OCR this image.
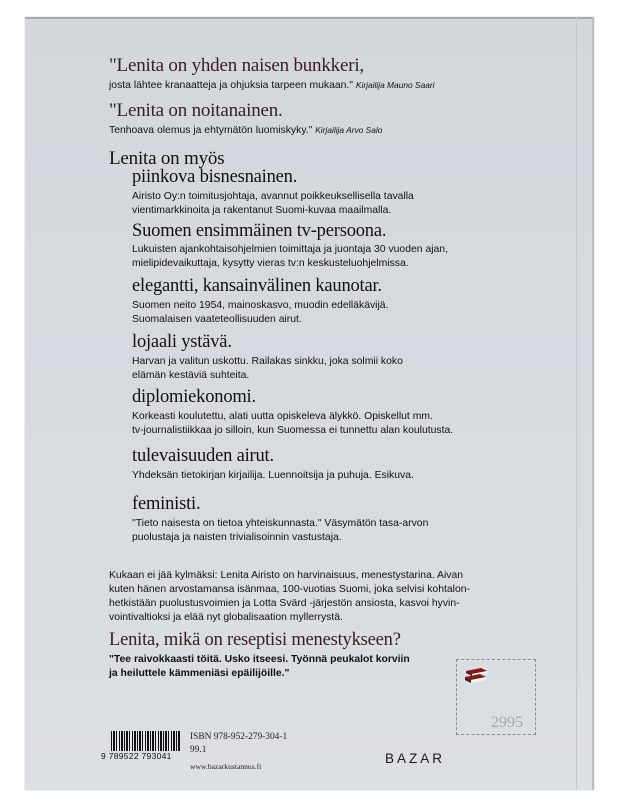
"Lenita on yhden naisen bunkkeri,
josta lähtee kranaatteja ja ohjuksia tarpeen mukaan." Kirjailija Mauno Saari
"Lenita on noitanainen.
Tenhoava olemus ja ehtymätön luomiskyky." Kirjailija Arvo Salo
Lenita on myös
piinkova bisnesnainen.
Airisto Oy:n toimitusjohtaja, avannut poikkeuksellisella tavalla
vientimarkkinoita ja rakentanut Suomi-kuvaa maailmalla.
Suomen ensimmäinen tv-persoona.
Lukuisten ajankohtaisohjelmien toimittaja ja juontaja 30 vuoden ajan,
mielipidevaikuttaja, kysytty vieras tv:n keskusteluohjelmissa.
elegantti, kansainvälinen kaunotar.
Suomen neito 1954, mainoskasvo, muodin edelläkävijä.
Suomalaisen vaateteollisuuden airut.
lojaali ystävä.
Harvan ja valitun uskottu. Railakas sinkku, joka solmii koko
elämän kestäviä suhteita.
diplomiekonomi.
Korkeasti koulutettu, alati uutta opiskeleva älykkö. Opiskellut mm.
tv-journalistiikkaa jo silloin, kun Suomessa ei tunnettu alan koulutusta.
tulevaisuuden airut.
Yhdeksän tietokirjan kirjailija. Luennoitsija ja puhuja. Esikuva.
feministi.
"Tieto naisesta on tietoa yhteiskunnasta." Väsymätön tasa-arvon
puolustaja ja naisten trivialisoinnin vastustaja.
Kukaan ei jää kylmäksi: Lenita Airisto on harvinaisuus, menestystarina. Aivan
kuten hänen arvostamansa isänmaa, 100-vuotias Suomi, joka selvisi kohtalon-
hetkistään puolustusvoimien ja Lotta Svärd -järjestön ansiosta, kasvoi hyvin-
vointivaltioksi ja elää nyt globalisaation myllerrystä.
Lenita, mikä on reseptisi menestykseen?
"Tee raivokkaasti töitä. Usko itseesi. Työnnä peukalot korviin
ja heiluttele kämmeniäsi epäilijöille."
2995
9 789522 793041
ISBN 978-952-279-304-1
99.1
www.bazarkustannus.fi
BAZAR
